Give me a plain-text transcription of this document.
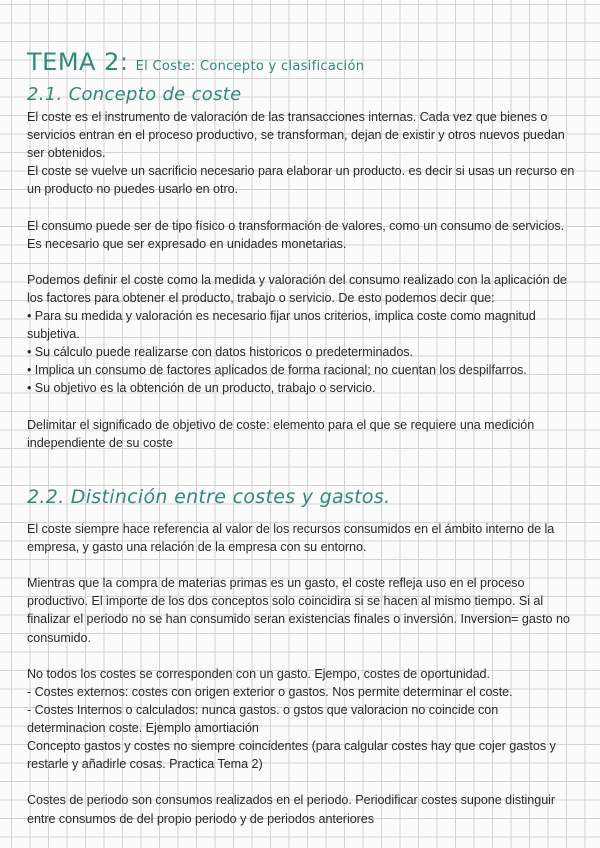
TEMA 2: El Coste: Concepto y clasificación
2.1. Concepto de coste

El coste es el instrumento de valoración de las transacciones internas. Cada vez que bienes o servicios entran en el proceso productivo, se transforman, dejan de existir y otros nuevos puedan ser obtenidos.

El coste se vuelve un sacrificio necesario para elaborar un producto. es decir si usas un recurso en un producto no puedes usarlo en otro.

El consumo puede ser de tipo físico o transformación de valores, como un consumo de servicios. Es necesario que ser expresado en unidades monetarias.

Podemos definir el coste como la medida y valoración del consumo realizado con la aplicación de los factores para obtener el producto, trabajo o servicio. De esto podemos decir que:

• Para su medida y valoración es necesario fijar unos criterios, implica coste como magnitud subjetiva.

• Su cálculo puede realizarse con datos historicos o predeterminados.

• Implica un consumo de factores aplicados de forma racional; no cuentan los despilfarros.

• Su objetivo es la obtención de un producto, trabajo o servicio.

Delimitar el significado de objetivo de coste: elemento para el que se requiere una medición independiente de su coste

2.2. Distinción entre costes y gastos.

El coste siempre hace referencia al valor de los recursos consumidos en el ámbito interno de la empresa, y gasto una relación de la empresa con su entorno.

Mientras que la compra de materias primas es un gasto, el coste refleja uso en el proceso productivo. El importe de los dos conceptos solo coincidira si se hacen al mismo tiempo. Si al finalizar el periodo no se han consumido seran existencias finales o inversión. Inversion= gasto no consumido.

No todos los costes se corresponden con un gasto. Ejempo, costes de oportunidad.

- Costes externos: costes con origen exterior o gastos. Nos permite determinar el coste.

- Costes Internos o calculados: nunca gastos. o gstos que valoracion no coincide con determinacion coste. Ejemplo amortiación

Concepto gastos y costes no siempre coincidentes (para calgular costes hay que cojer gastos y restarle y añadirle cosas. Practica Tema 2)

Costes de periodo son consumos realizados en el periodo. Periodificar costes supone distinguir entre consumos de del propio periodo y de periodos anteriores
